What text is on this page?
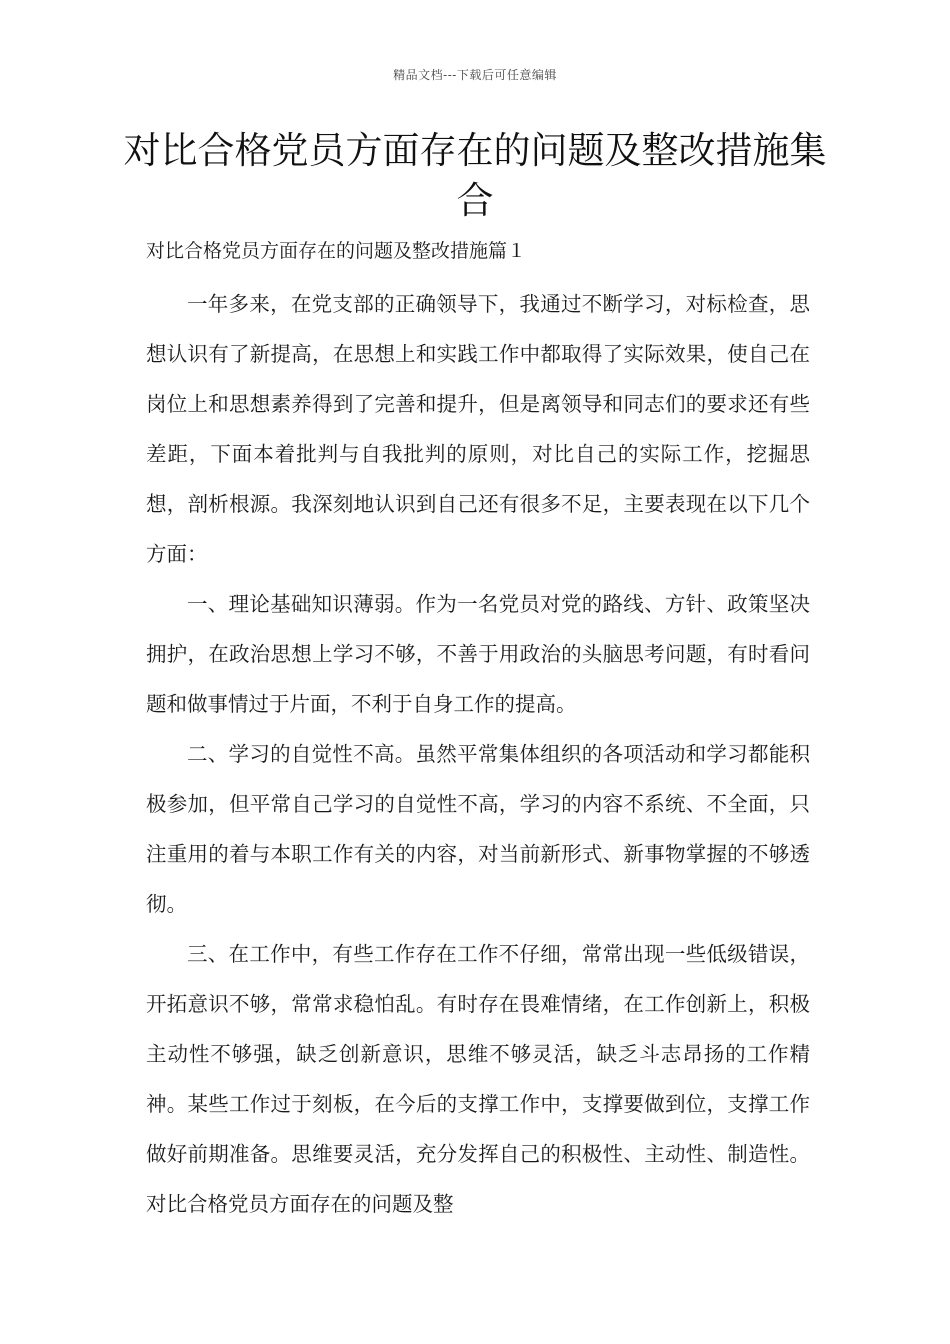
精品文档---下载后可任意编辑
对比合格党员方面存在的问题及整改措施集合

对比合格党员方面存在的问题及整改措施篇１

一年多来，在党支部的正确领导下，我通过不断学习，对标检查，思想认识有了新提高，在思想上和实践工作中都取得了实际效果，使自己在岗位上和思想素养得到了完善和提升，但是离领导和同志们的要求还有些差距，下面本着批判与自我批判的原则，对比自己的实际工作，挖掘思想，剖析根源。我深刻地认识到自己还有很多不足，主要表现在以下几个方面：

一、理论基础知识薄弱。作为一名党员对党的路线、方针、政策坚决拥护，在政治思想上学习不够，不善于用政治的头脑思考问题，有时看问题和做事情过于片面，不利于自身工作的提高。

二、学习的自觉性不高。虽然平常集体组织的各项活动和学习都能积极参加，但平常自己学习的自觉性不高，学习的内容不系统、不全面，只注重用的着与本职工作有关的内容，对当前新形式、新事物掌握的不够透彻。

三、在工作中，有些工作存在工作不仔细，常常出现一些低级错误，开拓意识不够，常常求稳怕乱。有时存在畏难情绪，在工作创新上，积极主动性不够强，缺乏创新意识，思维不够灵活，缺乏斗志昂扬的工作精神。某些工作过于刻板，在今后的支撑工作中，支撑要做到位，支撑工作做好前期准备。思维要灵活，充分发挥自己的积极性、主动性、制造性。对比合格党员方面存在的问题及整
